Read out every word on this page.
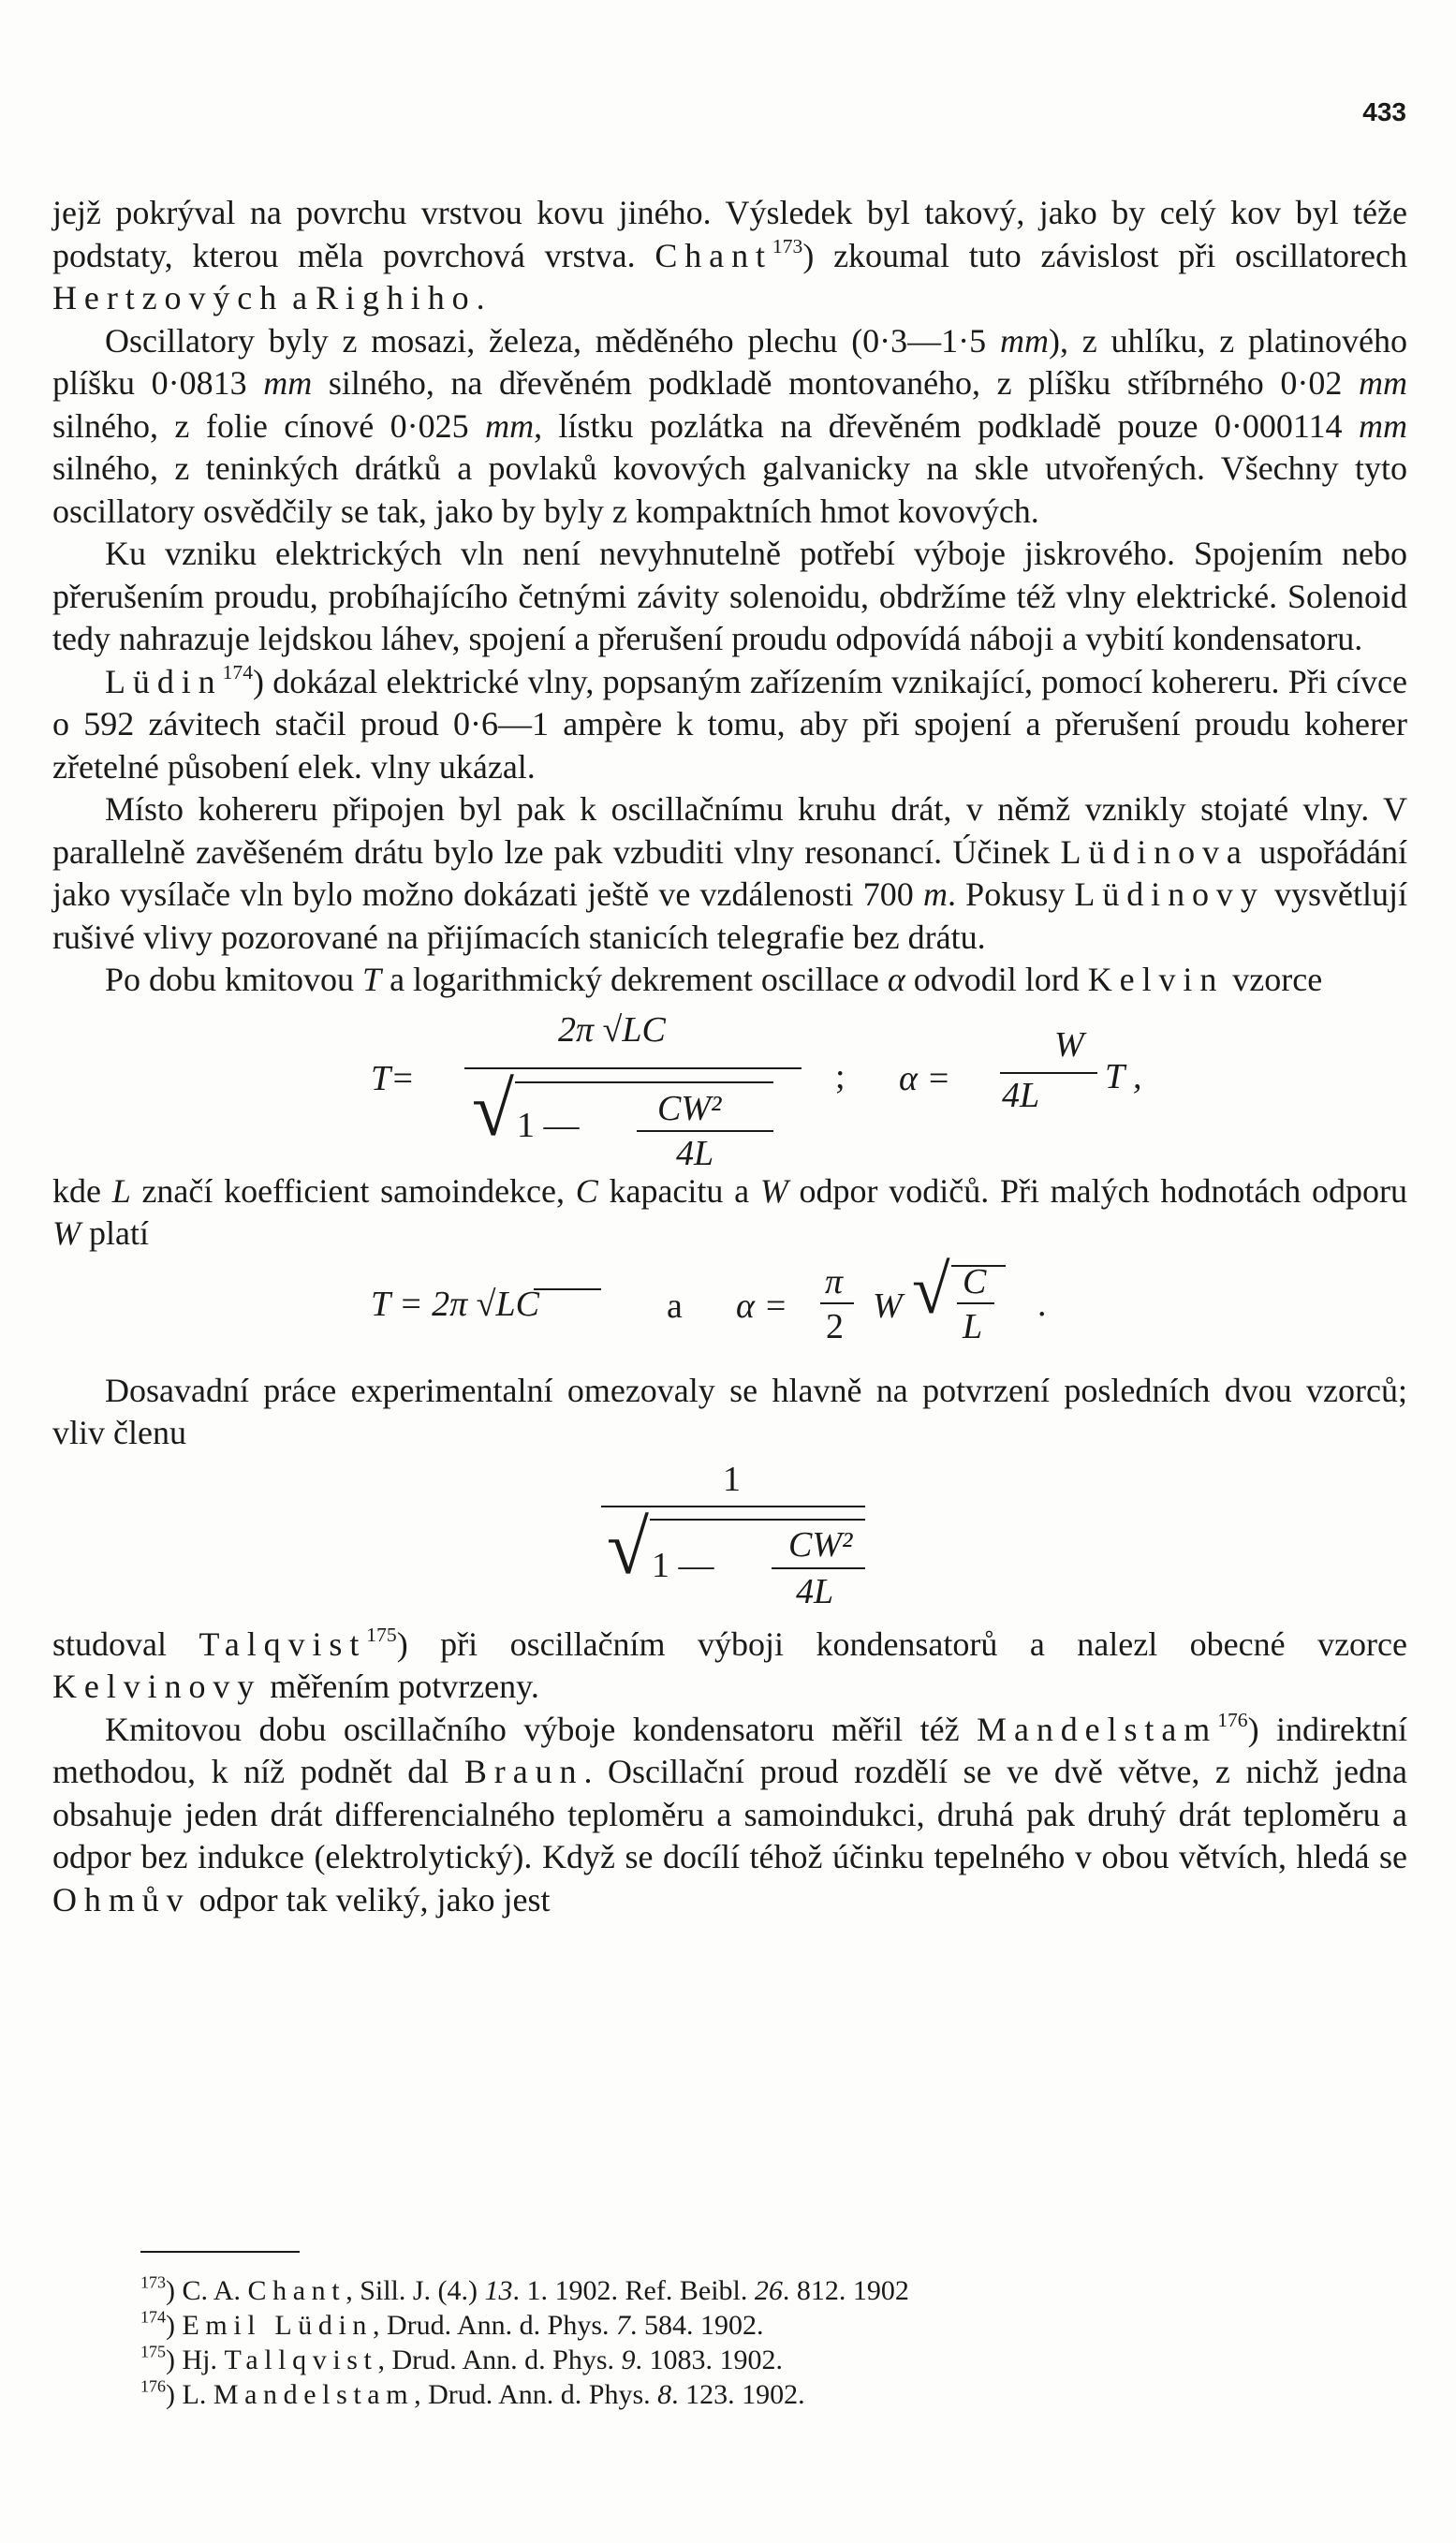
433

jejž pokrýval na povrchu vrstvou kovu jiného. Výsledek byl takový, jako by celý kov byl téže podstaty, kterou měla povrchová vrstva. Chant$^{173}$) zkoumal tuto závislost při oscillatorech Hertzových a Righiho.

Oscillatory byly z mosazi, železa, měděného plechu (0·3—1·5 mm), z uhlíku, z platinového plíšku 0·0813 mm silného, na dřevěném podkladě montovaného, z plíšku stříbrného 0·02 mm silného, z folie cínové 0·025 mm, lístku pozlátka na dřevěném podkladě pouze 0·000114 mm silného, z teninkých drátků a povlaků kovových galvanicky na skle utvořených. Všechny tyto oscillatory osvědčily se tak, jako by byly z kompaktních hmot kovových.

Ku vzniku elektrických vln není nevyhnutelně potřebí výboje jiskrového. Spojením nebo přerušením proudu, probíhajícího četnými závity solenoidu, obdržíme též vlny elektrické. Solenoid tedy nahrazuje lejdskou láhev, spojení a přerušení proudu odpovídá náboji a vybití kondensatoru.

Lüdin$^{174}$) dokázal elektrické vlny, popsaným zařízením vznikající, pomocí kohereru. Při cívce o 592 závitech stačil proud 0·6—1 ampère k tomu, aby při spojení a přerušení proudu koherer zřetelné působení elek. vlny ukázal.

Místo kohereru připojen byl pak k oscillačnímu kruhu drát, v němž vznikly stojaté vlny. V parallelně zavěšeném drátu bylo lze pak vzbuditi vlny resonancí. Účinek Lüdinova uspořádání jako vysílače vln bylo možno dokázati ještě ve vzdálenosti 700 m. Pokusy Lüdinovy vysvětlují rušivé vlivy pozorované na přijímacích stanicích telegrafie bez drátu.

Po dobu kmitovou T a logarithmický dekrement oscillace α odvodil lord Kelvin vzorce

T=
2π √LC
√ 1 — CW²
4L
; α =
W
4L T ,

kde L značí koefficient samoindekce, C kapacitu a W odpor vodičů. Při malých hodnotách odporu W platí

T = 2π √LC	a α =
π
2
W √ C
L
.

Dosavadní práce experimentalní omezovaly se hlavně na potvrzení posledních dvou vzorců; vliv členu

1
√ 1 —
CW²
4L

studoval Talqvist$^{175}$) při oscillačním výboji kondensatorů a nalezl obecné vzorce Kelvinovy měřením potvrzeny.

Kmitovou dobu oscillačního výboje kondensatoru měřil též Mandelstam$^{176}$) indirektní methodou, k níž podnět dal Braun. Oscillační proud rozdělí se ve dvě větve, z nichž jedna obsahuje jeden drát differencialného teploměru a samoindukci, druhá pak druhý drát teploměru a odpor bez indukce (elektrolytický). Když se docílí téhož účinku tepelného v obou větvích, hledá se Ohmův odpor tak veliký, jako jest

$^{173}$) C. A. Chant, Sill. J. (4.) 13. 1. 1902. Ref. Beibl. 26. 812. 1902
$^{174}$) Emil Lüdin, Drud. Ann. d. Phys. 7. 584. 1902.
$^{175}$) Hj. Tallqvist, Drud. Ann. d. Phys. 9. 1083. 1902.
$^{176}$) L. Mandelstam, Drud. Ann. d. Phys. 8. 123. 1902.
